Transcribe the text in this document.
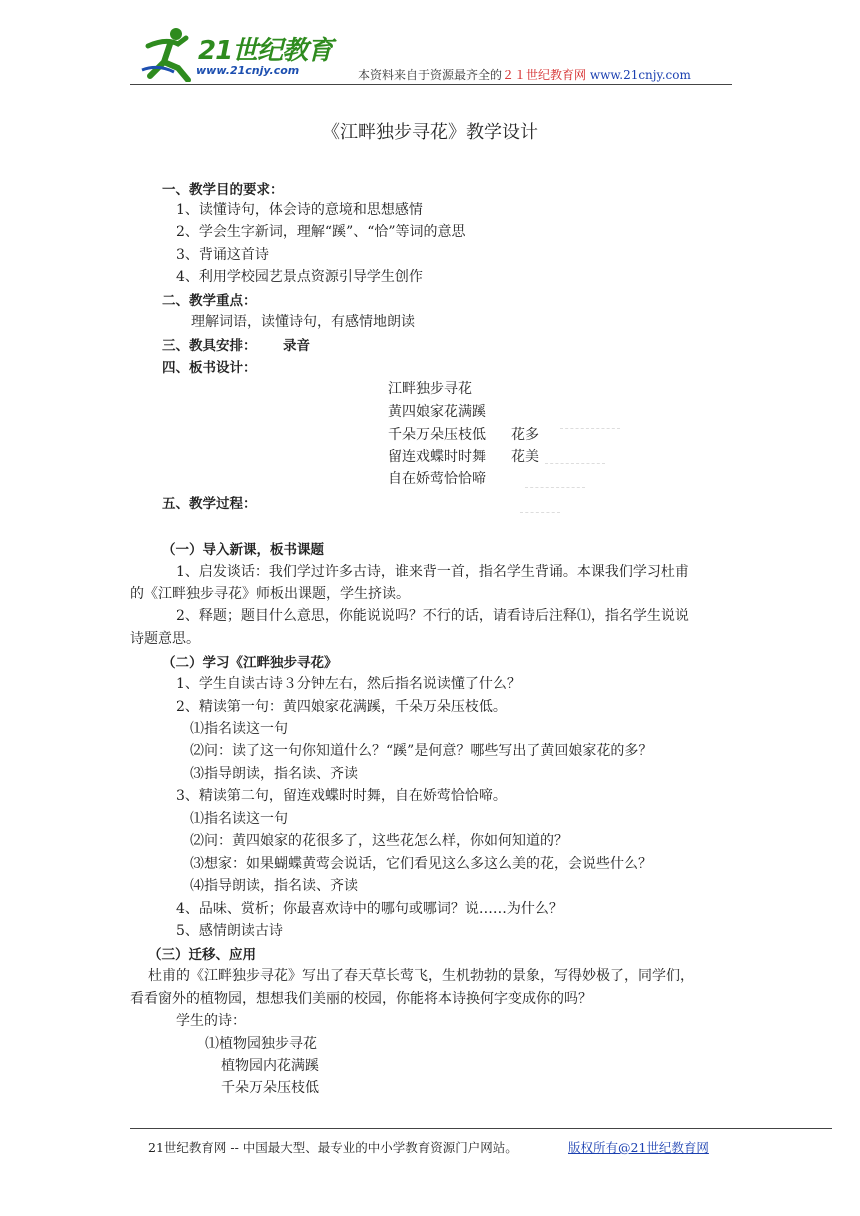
21世纪教育
www.21cnjy.com	本资料来自于资源最齐全的２１世纪教育网 www.21cnjy.com
《江畔独步寻花》教学设计
一、教学目的要求：
1、读懂诗句，体会诗的意境和思想感情
2、学会生字新词，理解“蹊”、“恰”等词的意思
3、背诵这首诗
4、利用学校园艺景点资源引导学生创作
二、教学重点：
理解词语，读懂诗句，有感情地朗读
三、教具安排： 录音
四、板书设计：
江畔独步寻花
黄四娘家花满蹊
千朵万朵压枝低 花多
留连戏蝶时时舞 花美
自在娇莺恰恰啼
五、教学过程：
（一）导入新课，板书课题
1、启发谈话：我们学过许多古诗，谁来背一首，指名学生背诵。本课我们学习杜甫
的《江畔独步寻花》师板出课题，学生挤读。
2、释题；题目什么意思，你能说说吗？不行的话，请看诗后注释⑴，指名学生说说
诗题意思。
（二）学习《江畔独步寻花》
1、学生自读古诗３分钟左右，然后指名说读懂了什么？
2、精读第一句：黄四娘家花满蹊，千朵万朵压枝低。
⑴指名读这一句
⑵问：读了这一句你知道什么？“蹊”是何意？哪些写出了黄回娘家花的多？
⑶指导朗读，指名读、齐读
3、精读第二句，留连戏蝶时时舞，自在娇莺恰恰啼。
⑴指名读这一句
⑵问：黄四娘家的花很多了，这些花怎么样，你如何知道的？
⑶想家：如果蝴蝶黄莺会说话，它们看见这么多这么美的花，会说些什么？
⑷指导朗读，指名读、齐读
4、品味、赏析；你最喜欢诗中的哪句或哪词？说……为什么？
5、感情朗读古诗
（三）迁移、应用
杜甫的《江畔独步寻花》写出了春天草长莺飞，生机勃勃的景象，写得妙极了，同学们，
看看窗外的植物园，想想我们美丽的校园，你能将本诗换何字变成你的吗？
学生的诗：
⑴植物园独步寻花
植物园内花满蹊
千朵万朵压枝低
21世纪教育网 -- 中国最大型、最专业的中小学教育资源门户网站。	版权所有@21世纪教育网
